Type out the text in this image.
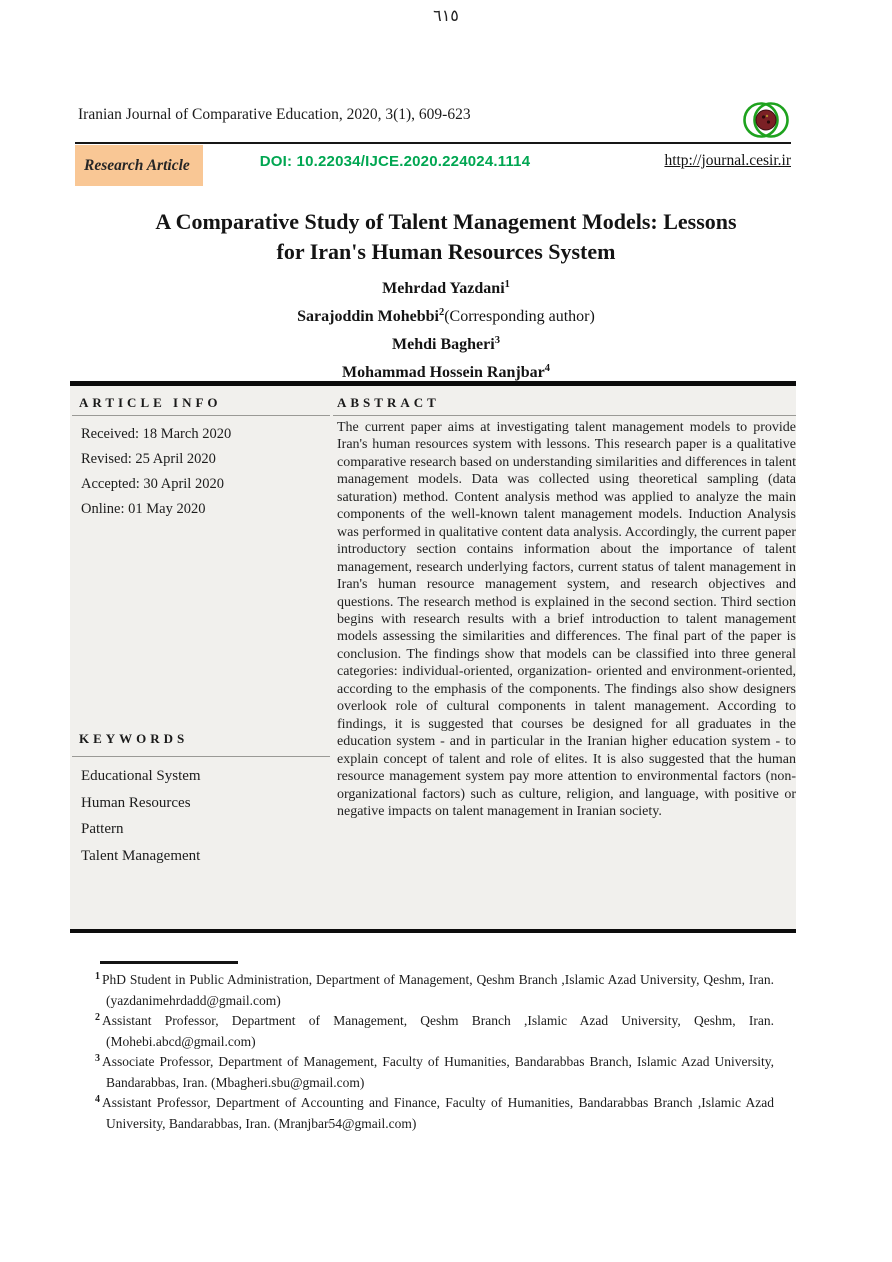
٦١٥
Iranian Journal of Comparative Education, 2020, 3(1), 609-623
Research Article	DOI: 10.22034/IJCE.2020.224024.1114	http://journal.cesir.ir
A Comparative Study of Talent Management Models: Lessons
for Iran's Human Resources System
Mehrdad Yazdani$^1$
Sarajoddin Mohebbi$^2$(Corresponding author)
Mehdi Bagheri$^3$
Mohammad Hossein Ranjbar$^4$
ARTICLE INFO	ABSTRACT
Received: 18 March 2020
Revised: 25 April 2020
Accepted: 30 April 2020
Online: 01 May 2020
KEYWORDS
Educational System
Human Resources
Pattern
Talent Management
The current paper aims at investigating talent management models to provide Iran's human resources system with lessons. This research paper is a qualitative comparative research based on understanding similarities and differences in talent management models. Data was collected using theoretical sampling (data saturation) method. Content analysis method was applied to analyze the main components of the well-known talent management models. Induction Analysis was performed in qualitative content data analysis. Accordingly, the current paper introductory section contains information about the importance of talent management, research underlying factors, current status of talent management in Iran's human resource management system, and research objectives and questions. The research method is explained in the second section. Third section begins with research results with a brief introduction to talent management models assessing the similarities and differences. The final part of the paper is conclusion. The findings show that models can be classified into three general categories: individual-oriented, organization- oriented and environment-oriented, according to the emphasis of the components. The findings also show designers overlook role of cultural components in talent management. According to findings, it is suggested that courses be designed for all graduates in the education system - and in particular in the Iranian higher education system - to explain concept of talent and role of elites. It is also suggested that the human resource management system pay more attention to environmental factors (non-organizational factors) such as culture, religion, and language, with positive or negative impacts on talent management in Iranian society.
$^1$ PhD Student in Public Administration, Department of Management, Qeshm Branch ,Islamic Azad University, Qeshm, Iran. (yazdanimehrdadd@gmail.com)
$^2$ Assistant Professor, Department of Management, Qeshm Branch ,Islamic Azad University, Qeshm, Iran. (Mohebi.abcd@gmail.com)
$^3$ Associate Professor, Department of Management, Faculty of Humanities, Bandarabbas Branch, Islamic Azad University, Bandarabbas, Iran. (Mbagheri.sbu@gmail.com)
$^4$ Assistant Professor, Department of Accounting and Finance, Faculty of Humanities, Bandarabbas Branch ,Islamic Azad University, Bandarabbas, Iran. (Mranjbar54@gmail.com)
